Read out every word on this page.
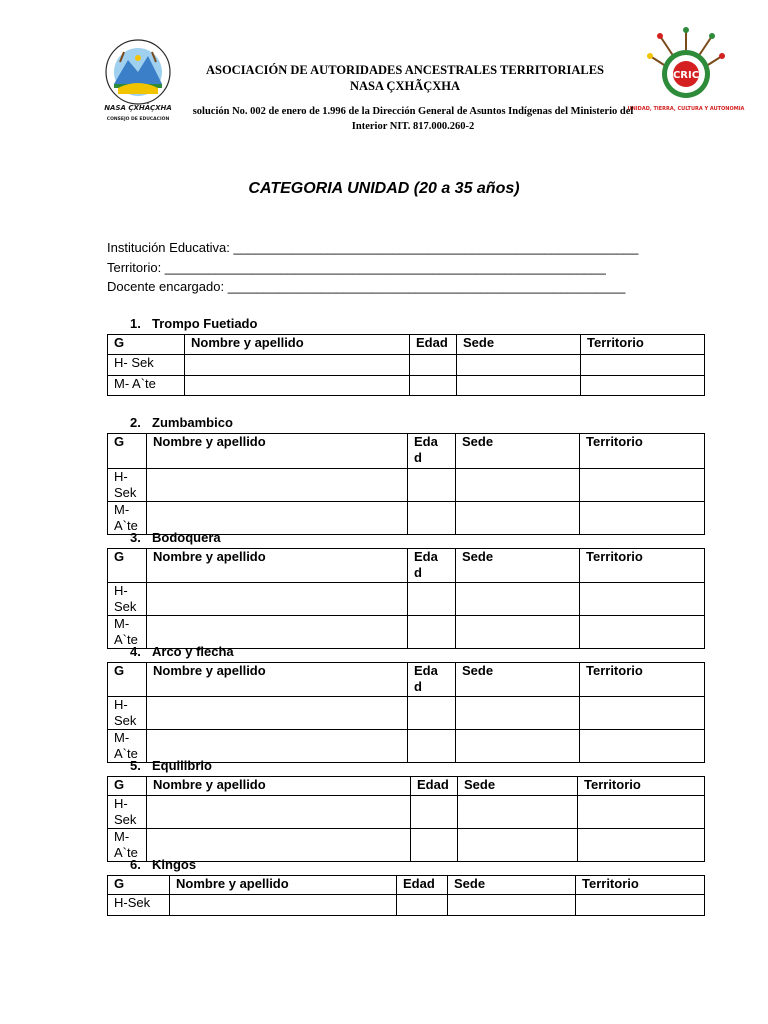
NASA ÇXHÃÇXHA
CONSEJO DE EDUCACIÓN
CRIC
UNIDAD, TIERRA, CULTURA Y AUTONOMIA
ASOCIACIÓN DE AUTORIDADES ANCESTRALES TERRITORIALES
NASA ÇXHÃÇXHA
solución No. 002 de enero de 1.996 de la Dirección General de Asuntos Indígenas del Ministerio del
Interior NIT. 817.000.260-2
CATEGORIA UNIDAD (20 a 35 años)
Institución Educativa: ________________________________________________________
Territorio: _____________________________________________________________
Docente encargado: _______________________________________________________
1. Trompo Fuetiado
G	Nombre y apellido	Edad	Sede	Territorio
H- Sek				
M- A`te				
2. Zumbambico
G	Nombre y apellido	Eda d	Sede	Territorio
H- Sek				
M- A`te				
3. Bodoquera
G	Nombre y apellido	Eda d	Sede	Territorio
H- Sek				
M- A`te				
4. Arco y flecha
G	Nombre y apellido	Eda d	Sede	Territorio
H- Sek				
M- A`te				
5. Equilibrio
G	Nombre y apellido	Edad	Sede	Territorio
H- Sek				
M- A`te				
6. Kingos
G	Nombre y apellido	Edad	Sede	Territorio
H-Sek				
